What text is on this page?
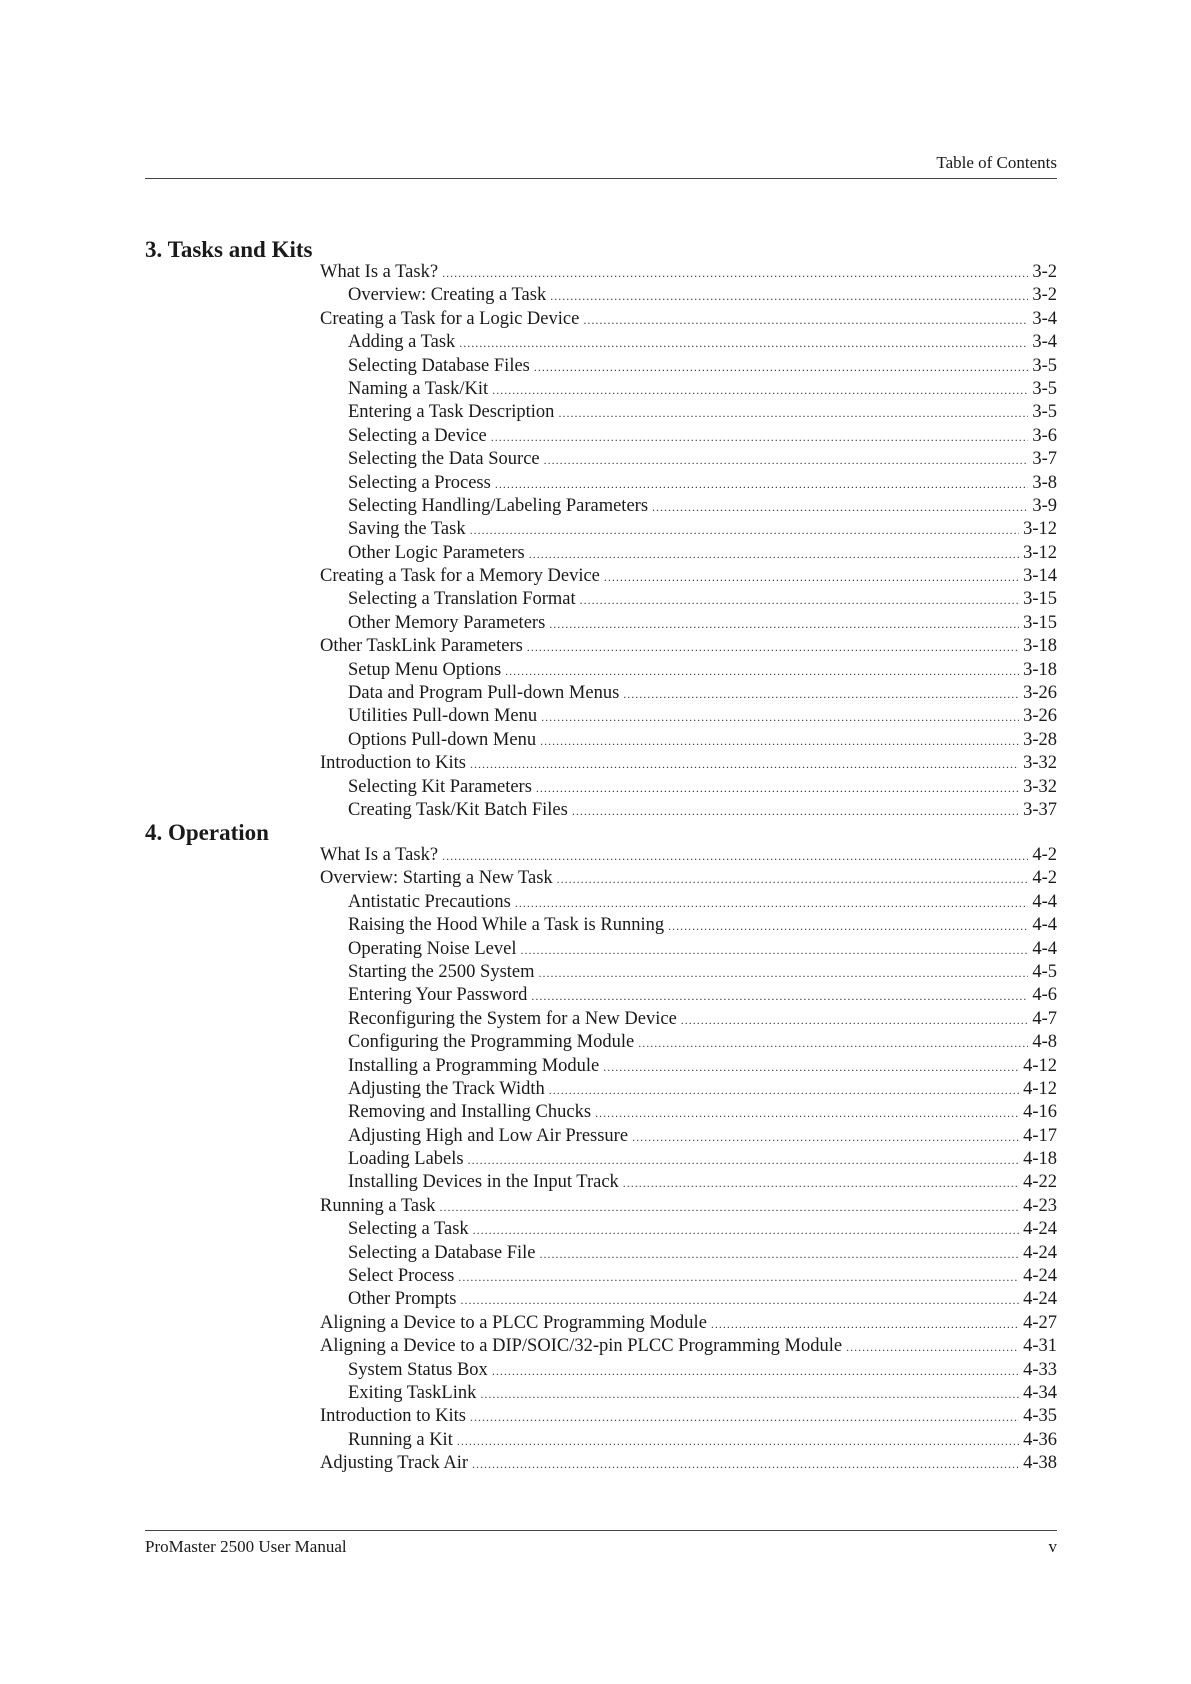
Table of Contents
3. Tasks and Kits
What Is a Task? .....	3-2
Overview: Creating a Task .....	3-2
Creating a Task for a Logic Device .....	3-4
Adding a Task .....	3-4
Selecting Database Files .....	3-5
Naming a Task/Kit .....	3-5
Entering a Task Description .....	3-5
Selecting a Device .....	3-6
Selecting the Data Source .....	3-7
Selecting a Process .....	3-8
Selecting Handling/Labeling Parameters .....	3-9
Saving the Task .....	3-12
Other Logic Parameters .....	3-12
Creating a Task for a Memory Device .....	3-14
Selecting a Translation Format .....	3-15
Other Memory Parameters .....	3-15
Other TaskLink Parameters .....	3-18
Setup Menu Options .....	3-18
Data and Program Pull-down Menus .....	3-26
Utilities Pull-down Menu .....	3-26
Options Pull-down Menu .....	3-28
Introduction to Kits .....	3-32
Selecting Kit Parameters .....	3-32
Creating Task/Kit Batch Files .....	3-37
4. Operation
What Is a Task? .....	4-2
Overview: Starting a New Task .....	4-2
Antistatic Precautions .....	4-4
Raising the Hood While a Task is Running .....	4-4
Operating Noise Level .....	4-4
Starting the 2500 System .....	4-5
Entering Your Password .....	4-6
Reconfiguring the System for a New Device .....	4-7
Configuring the Programming Module .....	4-8
Installing a Programming Module .....	4-12
Adjusting the Track Width .....	4-12
Removing and Installing Chucks .....	4-16
Adjusting High and Low Air Pressure .....	4-17
Loading Labels .....	4-18
Installing Devices in the Input Track .....	4-22
Running a Task .....	4-23
Selecting a Task .....	4-24
Selecting a Database File .....	4-24
Select Process .....	4-24
Other Prompts .....	4-24
Aligning a Device to a PLCC Programming Module .....	4-27
Aligning a Device to a DIP/SOIC/32-pin PLCC Programming Module .....	4-31
System Status Box .....	4-33
Exiting TaskLink .....	4-34
Introduction to Kits .....	4-35
Running a Kit .....	4-36
Adjusting Track Air .....	4-38
ProMaster 2500 User Manual	v
